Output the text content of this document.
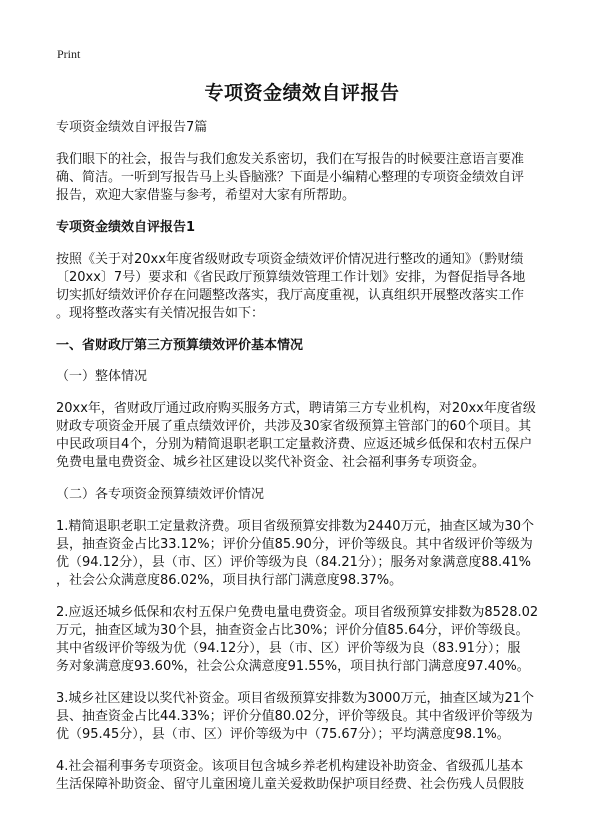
Print
专项资金绩效自评报告
专项资金绩效自评报告7篇
我们眼下的社会，报告与我们愈发关系密切，我们在写报告的时候要注意语言要准
确、简洁。一听到写报告马上头昏脑涨？下面是小编精心整理的专项资金绩效自评
报告，欢迎大家借鉴与参考，希望对大家有所帮助。
专项资金绩效自评报告1
按照《关于对20xx年度省级财政专项资金绩效评价情况进行整改的通知》（黔财绩
〔20xx〕7号）要求和《省民政厅预算绩效管理工作计划》安排，为督促指导各地
切实抓好绩效评价存在问题整改落实，我厅高度重视，认真组织开展整改落实工作
。现将整改落实有关情况报告如下：
一、省财政厅第三方预算绩效评价基本情况
（一）整体情况
20xx年，省财政厅通过政府购买服务方式，聘请第三方专业机构，对20xx年度省级
财政专项资金开展了重点绩效评价，共涉及30家省级预算主管部门的60个项目。其
中民政项目4个，分别为精简退职老职工定量救济费、应返还城乡低保和农村五保户
免费电量电费资金、城乡社区建设以奖代补资金、社会福利事务专项资金。
（二）各专项资金预算绩效评价情况
1.精简退职老职工定量救济费。项目省级预算安排数为2440万元，抽查区域为30个
县，抽查资金占比33.12%；评价分值85.90分，评价等级良。其中省级评价等级为
优（94.12分），县（市、区）评价等级为良（84.21分）；服务对象满意度88.41%
，社会公众满意度86.02%，项目执行部门满意度98.37%。
2.应返还城乡低保和农村五保户免费电量电费资金。项目省级预算安排数为8528.02
万元，抽查区域为30个县，抽查资金占比30%；评价分值85.64分，评价等级良。
其中省级评价等级为优（94.12分），县（市、区）评价等级为良（83.91分）；服
务对象满意度93.60%，社会公众满意度91.55%，项目执行部门满意度97.40%。
3.城乡社区建设以奖代补资金。项目省级预算安排数为3000万元，抽查区域为21个
县、抽查资金占比44.33%；评价分值80.02分，评价等级良。其中省级评价等级为
优（95.45分），县（市、区）评价等级为中（75.67分）；平均满意度98.1%。
4.社会福利事务专项资金。该项目包含城乡养老机构建设补助资金、省级孤儿基本
生活保障补助资金、留守儿童困境儿童关爱救助保护项目经费、社会伤残人员假肢
